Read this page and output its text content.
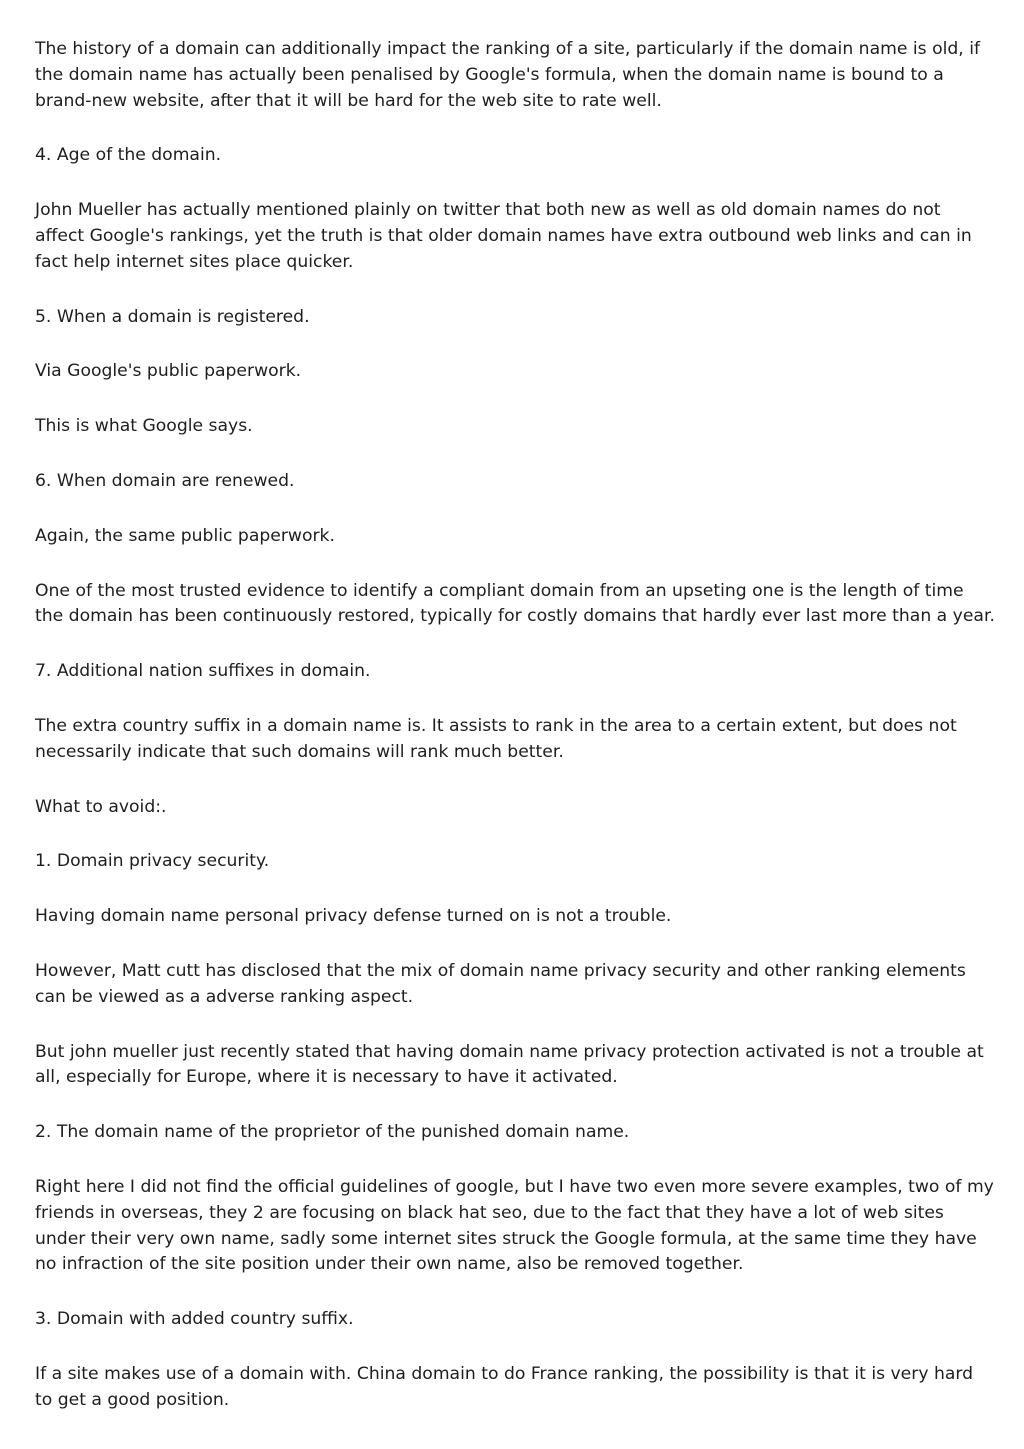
The history of a domain can additionally impact the ranking of a site, particularly if the domain name is old, if the domain name has actually been penalised by Google's formula, when the domain name is bound to a brand-new website, after that it will be hard for the web site to rate well.

4. Age of the domain.

John Mueller has actually mentioned plainly on twitter that both new as well as old domain names do not affect Google's rankings, yet the truth is that older domain names have extra outbound web links and can in fact help internet sites place quicker.

5. When a domain is registered.

Via Google's public paperwork.

This is what Google says.

6. When domain are renewed.

Again, the same public paperwork.

One of the most trusted evidence to identify a compliant domain from an upseting one is the length of time the domain has been continuously restored, typically for costly domains that hardly ever last more than a year.

7. Additional nation suffixes in domain.

The extra country suffix in a domain name is. It assists to rank in the area to a certain extent, but does not necessarily indicate that such domains will rank much better.

What to avoid:.

1. Domain privacy security.

Having domain name personal privacy defense turned on is not a trouble.

However, Matt cutt has disclosed that the mix of domain name privacy security and other ranking elements can be viewed as a adverse ranking aspect.

But john mueller just recently stated that having domain name privacy protection activated is not a trouble at all, especially for Europe, where it is necessary to have it activated.

2. The domain name of the proprietor of the punished domain name.

Right here I did not find the official guidelines of google, but I have two even more severe examples, two of my friends in overseas, they 2 are focusing on black hat seo, due to the fact that they have a lot of web sites under their very own name, sadly some internet sites struck the Google formula, at the same time they have no infraction of the site position under their own name, also be removed together.

3. Domain with added country suffix.

If a site makes use of a domain with. China domain to do France ranking, the possibility is that it is very hard to get a good position.
